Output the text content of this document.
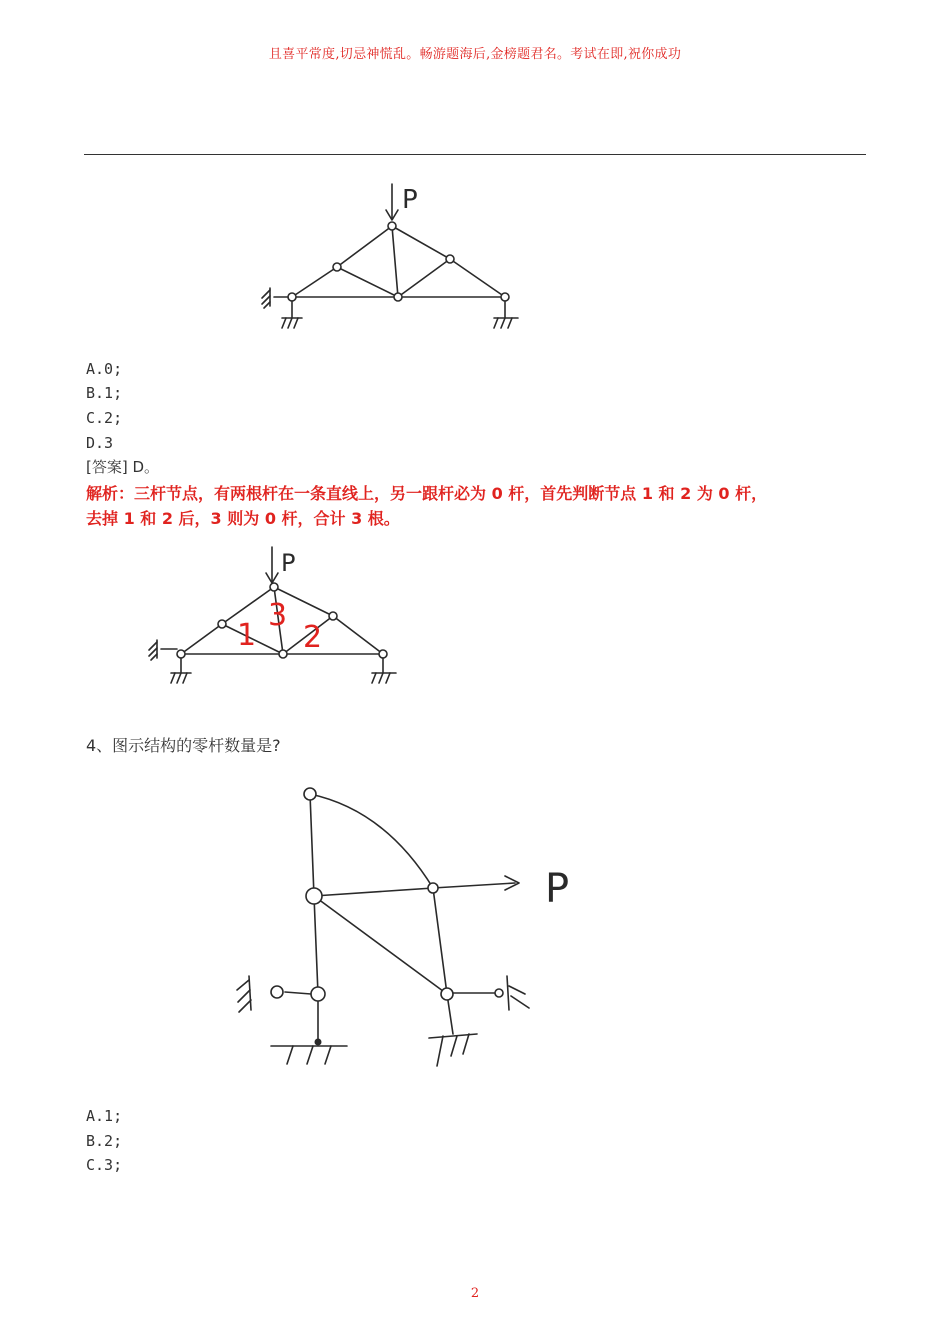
且喜平常度,切忌神慌乱。畅游题海后,金榜题君名。考试在即,祝你成功
P
A.0;
B.1;
C.2;
D.3
[答案] D。
解析：三杆节点，有两根杆在一条直线上，另一跟杆必为 0 杆，首先判断节点 1 和 2 为 0 杆，
去掉 1 和 2 后，3 则为 0 杆，合计 3 根。
P
1
3
2
4、图示结构的零杆数量是?
P
A.1;
B.2;
C.3;
2
